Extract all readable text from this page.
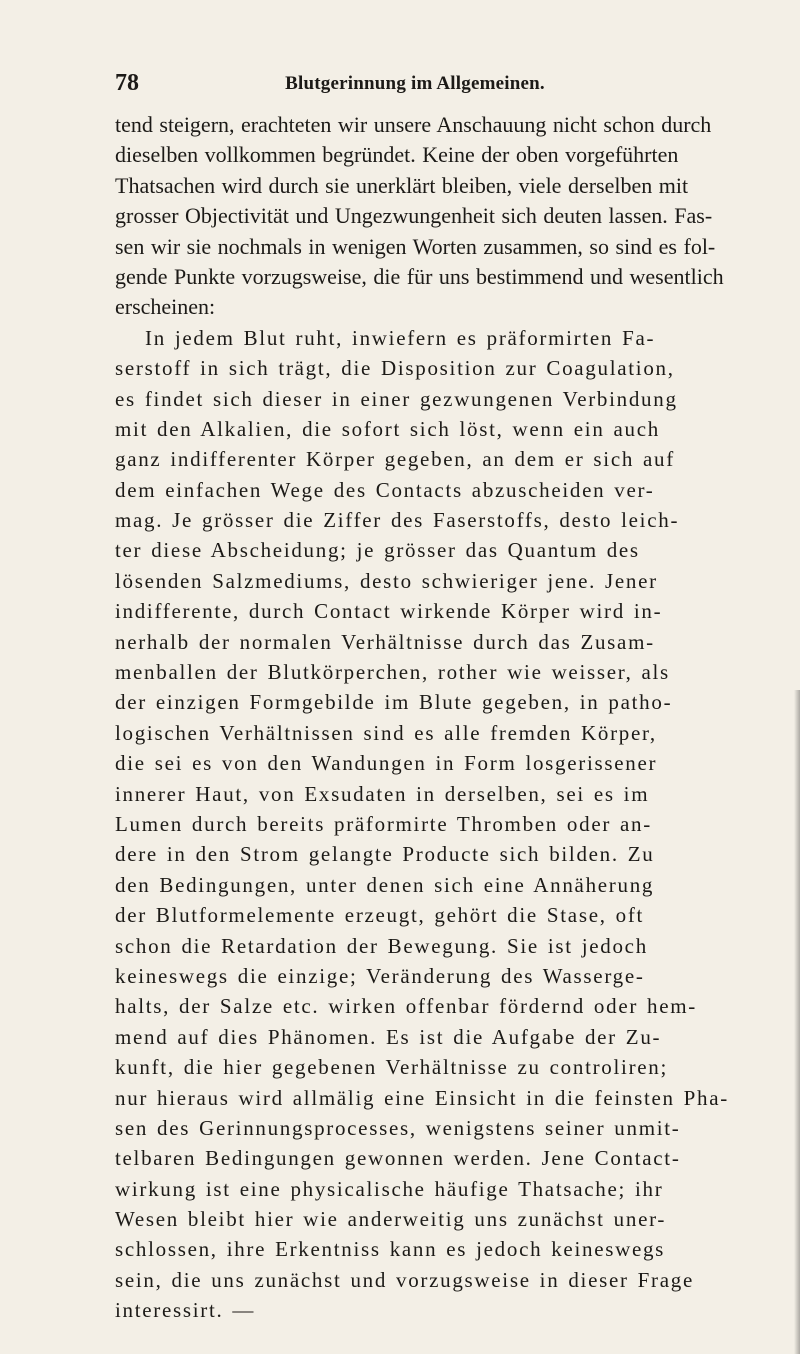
78	Blutgerinnung im Allgemeinen.
tend steigern, erachteten wir unsere Anschauung nicht schon durch
dieselben vollkommen begründet. Keine der oben vorgeführten
Thatsachen wird durch sie unerklärt bleiben, viele derselben mit
grosser Objectivität und Ungezwungenheit sich deuten lassen. Fas-
sen wir sie nochmals in wenigen Worten zusammen, so sind es fol-
gende Punkte vorzugsweise, die für uns bestimmend und wesentlich
erscheinen:
In jedem Blut ruht, inwiefern es präformirten Fa-
serstoff in sich trägt, die Disposition zur Coagulation,
es findet sich dieser in einer gezwungenen Verbindung
mit den Alkalien, die sofort sich löst, wenn ein auch
ganz indifferenter Körper gegeben, an dem er sich auf
dem einfachen Wege des Contacts abzuscheiden ver-
mag. Je grösser die Ziffer des Faserstoffs, desto leich-
ter diese Abscheidung; je grösser das Quantum des
lösenden Salzmediums, desto schwieriger jene. Jener
indifferente, durch Contact wirkende Körper wird in-
nerhalb der normalen Verhältnisse durch das Zusam-
menballen der Blutkörperchen, rother wie weisser, als
der einzigen Formgebilde im Blute gegeben, in patho-
logischen Verhältnissen sind es alle fremden Körper,
die sei es von den Wandungen in Form losgerissener
innerer Haut, von Exsudaten in derselben, sei es im
Lumen durch bereits präformirte Thromben oder an-
dere in den Strom gelangte Producte sich bilden. Zu
den Bedingungen, unter denen sich eine Annäherung
der Blutformelemente erzeugt, gehört die Stase, oft
schon die Retardation der Bewegung. Sie ist jedoch
keineswegs die einzige; Veränderung des Wasserge-
halts, der Salze etc. wirken offenbar fördernd oder hem-
mend auf dies Phänomen. Es ist die Aufgabe der Zu-
kunft, die hier gegebenen Verhältnisse zu controliren;
nur hieraus wird allmälig eine Einsicht in die feinsten Pha-
sen des Gerinnungsprocesses, wenigstens seiner unmit-
telbaren Bedingungen gewonnen werden. Jene Contact-
wirkung ist eine physicalische häufige Thatsache; ihr
Wesen bleibt hier wie anderweitig uns zunächst uner-
schlossen, ihre Erkentniss kann es jedoch keineswegs
sein, die uns zunächst und vorzugsweise in dieser Frage
interessirt. —
